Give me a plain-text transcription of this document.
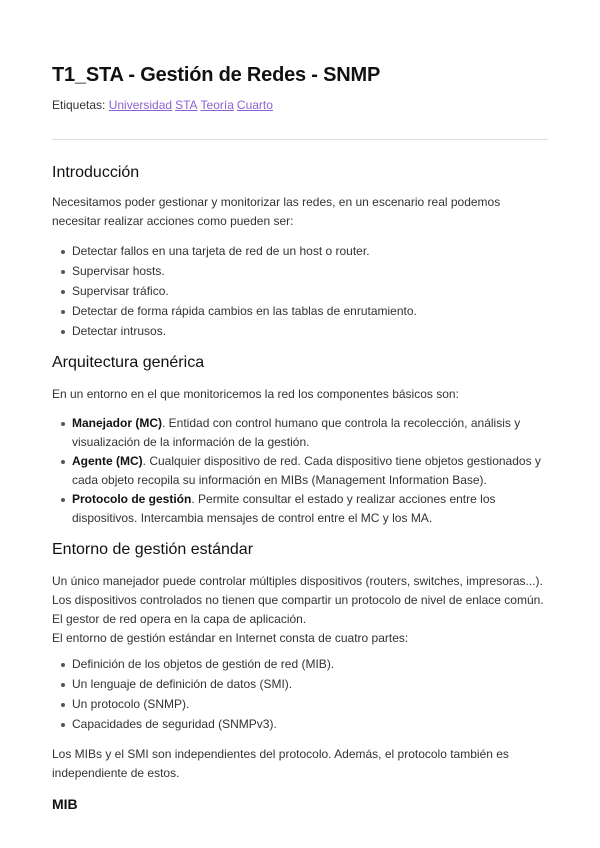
T1_STA - Gestión de Redes - SNMP
Etiquetas: Universidad STA Teoría Cuarto
Introducción

Necesitamos poder gestionar y monitorizar las redes, en un escenario real podemos
necesitar realizar acciones como pueden ser:

Detectar fallos en una tarjeta de red de un host o router.
Supervisar hosts.
Supervisar tráfico.
Detectar de forma rápida cambios en las tablas de enrutamiento.
Detectar intrusos.
Arquitectura genérica

En un entorno en el que monitoricemos la red los componentes básicos son:

Manejador (MC). Entidad con control humano que controla la recolección, análisis y
visualización de la información de la gestión.
Agente (MC). Cualquier dispositivo de red. Cada dispositivo tiene objetos gestionados y
cada objeto recopila su información en MIBs (Management Information Base).
Protocolo de gestión. Permite consultar el estado y realizar acciones entre los
dispositivos. Intercambia mensajes de control entre el MC y los MA.
Entorno de gestión estándar

Un único manejador puede controlar múltiples dispositivos (routers, switches, impresoras...).
Los dispositivos controlados no tienen que compartir un protocolo de nivel de enlace común.
El gestor de red opera en la capa de aplicación.
El entorno de gestión estándar en Internet consta de cuatro partes:

Definición de los objetos de gestión de red (MIB).
Un lenguaje de definición de datos (SMI).
Un protocolo (SNMP).
Capacidades de seguridad (SNMPv3).

Los MIBs y el SMI son independientes del protocolo. Además, el protocolo también es
independiente de estos.

MIB
